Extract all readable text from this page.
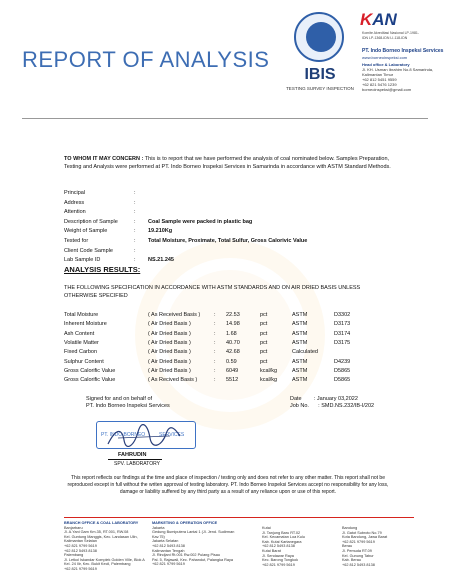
REPORT OF ANALYSIS
IBIS
TESTING SURVEY INSPECTION
KAN
Komite Akreditasi Nasional LP-1981-IDN LP-1368-IDN LI-118-IDN
PT. Indo Borneo Inspeksi Services
www.borneoinspeksi.com
Head office & Laboratory
Jl. KH. Usman Ibrahim No.8 Samarinda, Kalimantan Timur
+62 812 5451 9559
+62 821 5476 1239
borneoinspeksi@gmail.com
TO WHOM IT MAY CONCERN : This is to report that we have performed the analysis of coal nominated below. Samples Preparation, Testing and Analysis were performed at PT. Indo Borneo Inspeksi Services in Samarinda in accordance with ASTM Standard Methods.
Principal	:
Address	:
Attention	:
Description of Sample	: Coal Sample were packed in plastic bag
Weight of Sample	: 19.210Kg
Tested for	: Total Moisture, Proximate, Total Sulfur, Gross Calorivic Value
Client Code Sample	:
Lab Sample ID	: NS.21.245
ANALYSIS RESULTS:
THE FOLLOWING SPECIFICATION IN ACCORDANCE WITH ASTM STANDARDS AND ON AIR DRIED BASIS UNLESS OTHERWISE SPECIFIED
Total Moisture	( As Received Basis ) : 22.53	pct	ASTM	D3302
Inherent Moisture	( Air Dried Basis )	: 14.98	pct	ASTM	D3173
Ash Content	( Air Dried Basis )	: 1.68	pct	ASTM	D3174
Volatile Matter	( Air Dried Basis )	: 40.70	pct	ASTM	D3175
Fixed Carbon	( Air Dried Basis )	: 42.68	pct	Calculated
Sulphur Content	( Air Dried Basis )	: 0.59	pct	ASTM	D4239
Gross Calorific Value	( Air Dried Basis )	: 6049	kcal/kg	ASTM	D5865
Gross Calorific Value	( As Recived Basis )	: 5512	kcal/kg	ASTM	D5865
Signed for and on behalf of
PT. Indo Borneo Inspeksi Services
Date : January 03,2022
Job No. : SMD.NS.232/IB-I/202
PT. INDO BORNEO	SERVICES
FAHRUDIN
SPV. LABORATORY
This report reflects our findings at the time and place of inspection / testing only and does not refer to any other matter. This report shall not be reproduced except in full without the writen approval of testing laboratory. PT. Indo Borneo Inspeksi Services accept no responsibility for any loss, damage or liability suffered by any third party as a result of any reliance upon or use of this report.
BRANCH OFFICE & COAL LABORATORY
Banjarbaru
Jl. A.Yani Gam Km.35, RT.001, RW.08
Kel. Guntung Manggis, Kec. Landasan Ulin, Kalimantan Selatan
+62 821 9799 5619
+62 812 5493 8138
Palembang
Jl. Letkol Iskandar Komplek Golden Ville, Blok A
Kel. 24 Ilir, Kec. Bukit Kecil, Palembang
+62 821 9799 5619
MARKETING & OPERATION OFFICE
Jakarta
Gedung Bumiputera Lantai 1 (Jl. Jend. Sudirman Kav.75)
Jakarta Selatan
+62 812 5493 8138
Kalimantan Tengah
Jl. Rindjani Rt.001 Rw.002 Pulang Pisau
Pal. 5, Rajawali, Kec. Pahandut, Palangka Raya
+62 821 9799 5619
Kutai
Jl. Tanjung Baru RT.02
Kel. Kecamatan Loa Kulu
Kab. Kutai Kartanegara
+62 812 5493 8138
Kutai Barat
Jl. Sendawar Raya
Kec. Barong Tongkok
+62 821 9799 5619
Bandung
Jl. Gatot Subroto No.79
Kota Bandung, Jawa Barat
+62 821 9799 5619
Berau
Jl. Pemuda RT.09
Kel. Gunung Tabur
Kab. Berau
+62 812 5493 8138
